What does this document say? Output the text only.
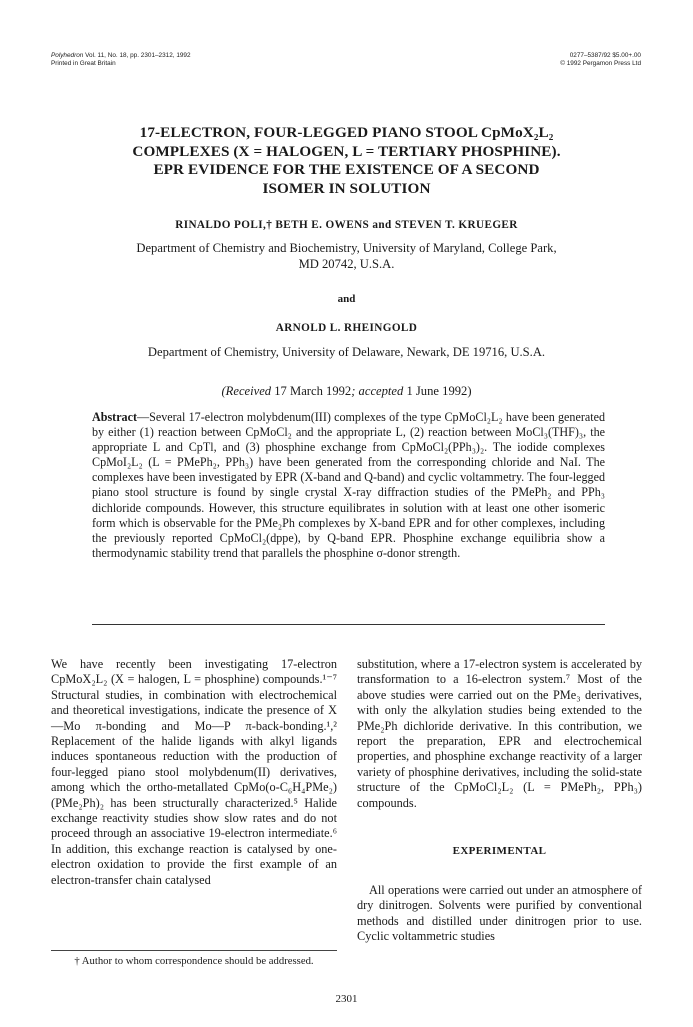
Polyhedron Vol. 11, No. 18, pp. 2301–2312, 1992
Printed in Great Britain
0277–5387/92 $5.00+.00
© 1992 Pergamon Press Ltd
17-ELECTRON, FOUR-LEGGED PIANO STOOL CpMoX₂L₂
COMPLEXES (X = HALOGEN, L = TERTIARY PHOSPHINE).
EPR EVIDENCE FOR THE EXISTENCE OF A SECOND
ISOMER IN SOLUTION
RINALDO POLI,† BETH E. OWENS and STEVEN T. KRUEGER
Department of Chemistry and Biochemistry, University of Maryland, College Park,
MD 20742, U.S.A.
and
ARNOLD L. RHEINGOLD
Department of Chemistry, University of Delaware, Newark, DE 19716, U.S.A.
(Received 17 March 1992; accepted 1 June 1992)
Abstract—Several 17-electron molybdenum(III) complexes of the type CpMoCl₂L₂ have been generated by either (1) reaction between CpMoCl₂ and the appropriate L, (2) reaction between MoCl₃(THF)₃, the appropriate L and CpTl, and (3) phosphine exchange from CpMoCl₂(PPh₃)₂. The iodide complexes CpMoI₂L₂ (L = PMePh₂, PPh₃) have been generated from the corresponding chloride and NaI. The complexes have been investigated by EPR (X-band and Q-band) and cyclic voltammetry. The four-legged piano stool structure is found by single crystal X-ray diffraction studies of the PMePh₂ and PPh₃ dichloride compounds. However, this structure equilibrates in solution with at least one other isomeric form which is observable for the PMe₂Ph complexes by X-band EPR and for other complexes, including the previously reported CpMoCl₂(dppe), by Q-band EPR. Phosphine exchange equilibria show a thermodynamic stability trend that parallels the phosphine σ-donor strength.
We have recently been investigating 17-electron CpMoX₂L₂ (X = halogen, L = phosphine) compounds.¹⁻⁷ Structural studies, in combination with electrochemical and theoretical investigations, indicate the presence of X—Mo π-bonding and Mo—P π-back-bonding.¹,² Replacement of the halide ligands with alkyl ligands induces spontaneous reduction with the production of four-legged piano stool molybdenum(II) derivatives, among which the ortho-metallated CpMo(o-C₆H₄PMe₂)(PMe₂Ph)₂ has been structurally characterized.⁵ Halide exchange reactivity studies show slow rates and do not proceed through an associative 19-electron intermediate.⁶ In addition, this exchange reaction is catalysed by one-electron oxidation to provide the first example of an electron-transfer chain catalysed
substitution, where a 17-electron system is accelerated by transformation to a 16-electron system.⁷ Most of the above studies were carried out on the PMe₃ derivatives, with only the alkylation studies being extended to the PMe₂Ph dichloride derivative. In this contribution, we report the preparation, EPR and electrochemical properties, and phosphine exchange reactivity of a larger variety of phosphine derivatives, including the solid-state structure of the CpMoCl₂L₂ (L = PMePh₂, PPh₃) compounds.
EXPERIMENTAL
All operations were carried out under an atmosphere of dry dinitrogen. Solvents were purified by conventional methods and distilled under dinitrogen prior to use. Cyclic voltammetric studies
† Author to whom correspondence should be addressed.
2301
